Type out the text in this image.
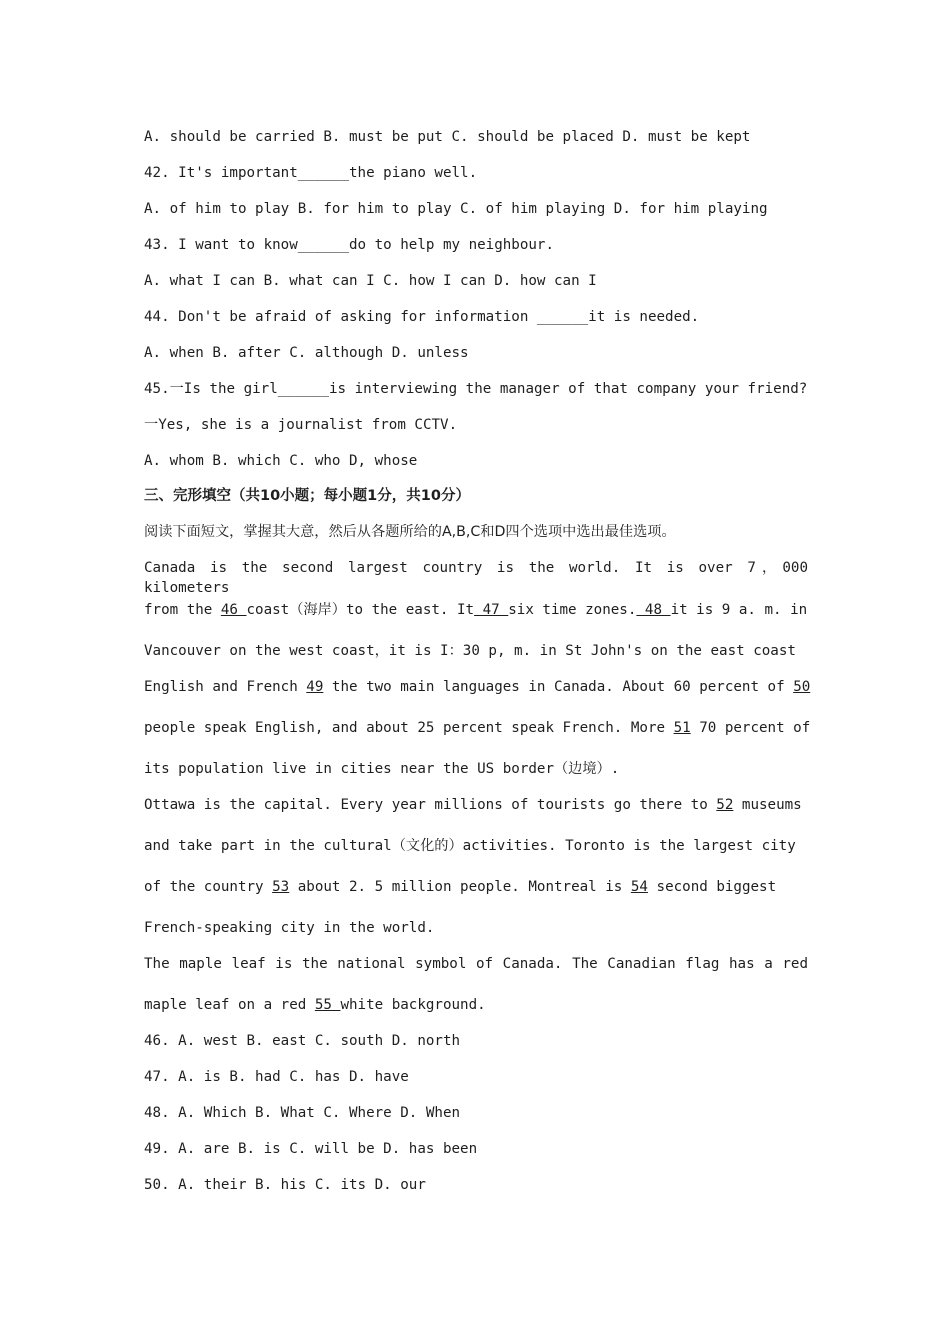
A. should be carried B. must be put C. should be placed D. must be kept
42. It's important______the piano well.
A. of him to play B. for him to play C. of him playing D. for him playing
43. I want to know______do to help my neighbour.
A. what I can B. what can I C. how I can D. how can I
44. Don't be afraid of asking for information ______it is needed.
A. when B. after C. although D. unless
45.一Is the girl______is interviewing the manager of that company your friend?
一Yes, she is a journalist from CCTV.
A. whom B. which C. who D, whose
三、完形填空（共10小题；每小题1分，共10分）
阅读下面短文，掌握其大意，然后从各题所给的A,B,C和D四个选项中选出最佳选项。
Canada is the second largest country is the world. It is over 7，000 kilometers
from the 46 coast（海岸）to the east. It 47 six time zones. 48 it is 9 a. m. in
Vancouver on the west coast，it is I：30 p, m. in St John's on the east coast
English and French 49 the two main languages in Canada. About 60 percent of 50
people speak English, and about 25 percent speak French. More 51 70 percent of
its population live in cities near the US border（边境）.
Ottawa is the capital. Every year millions of tourists go there to 52 museums
and take part in the cultural（文化的）activities. Toronto is the largest city
of the country 53 about 2. 5 million people. Montreal is 54 second biggest
French-speaking city in the world.
The maple leaf is the national symbol of Canada. The Canadian flag has a red
maple leaf on a red 55 white background.
46. A. west B. east C. south D. north
47. A. is B. had C. has D. have
48. A. Which B. What C. Where D. When
49. A. are B. is C. will be D. has been
50. A. their B. his C. its D. our
